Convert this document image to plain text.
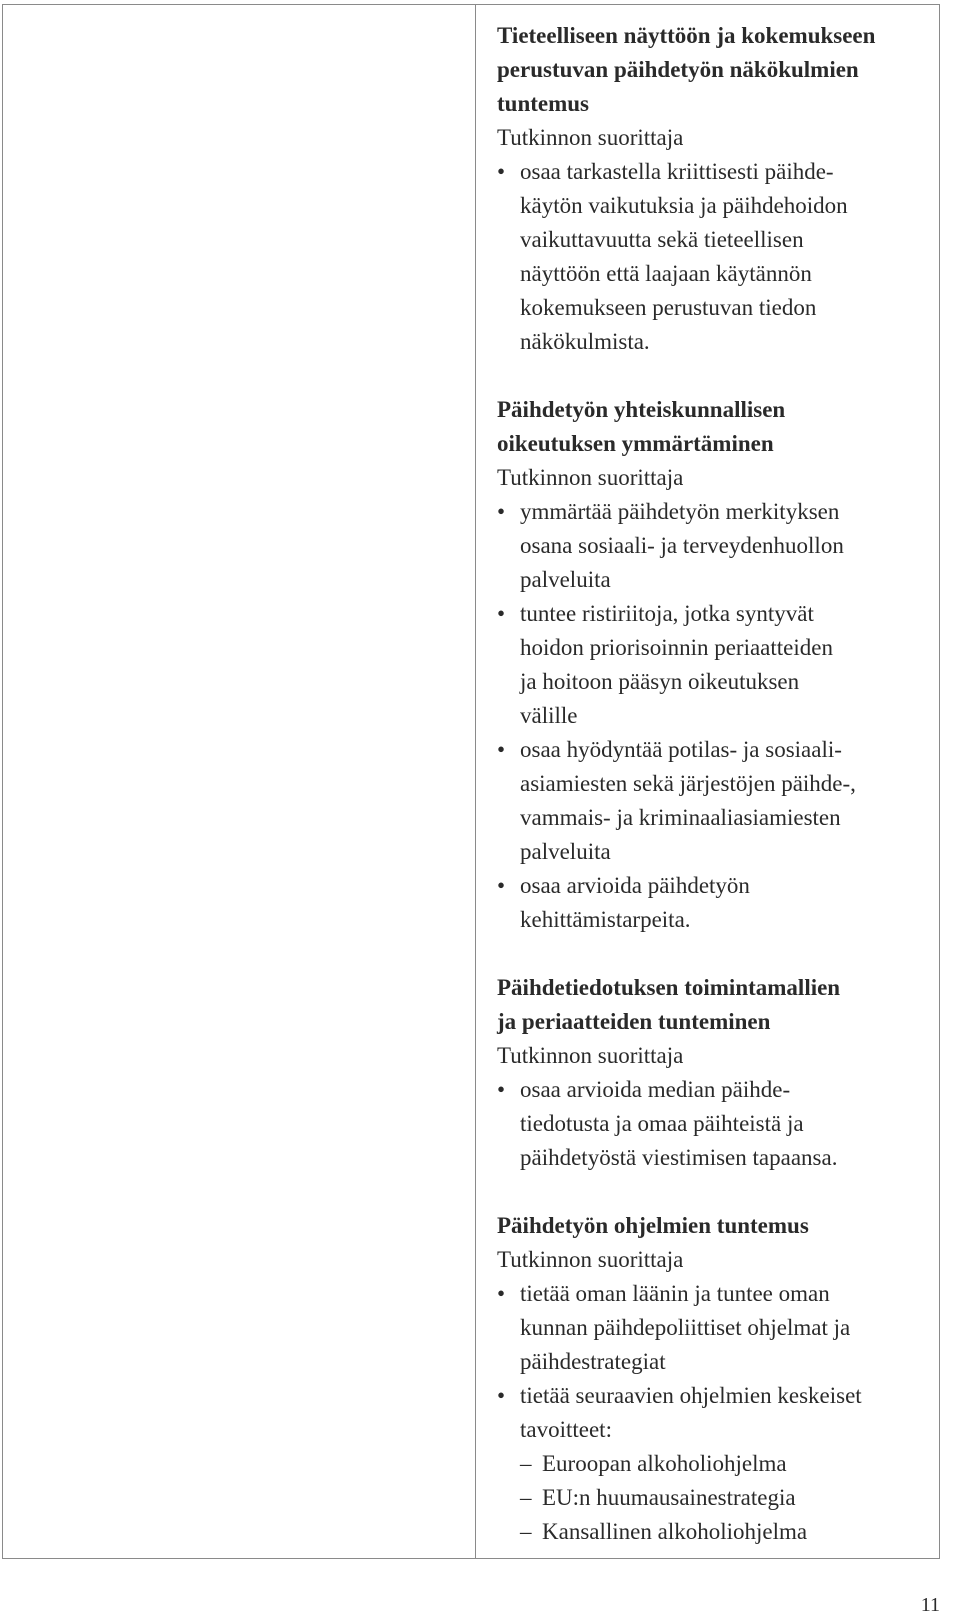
Tieteelliseen näyttöön ja kokemukseen
perustuvan päihdetyön näkökulmien
tuntemus
Tutkinnon suorittaja
• osaa tarkastella kriittisesti päihde-
käytön vaikutuksia ja päihdehoidon
vaikuttavuutta sekä tieteellisen
näyttöön että laajaan käytännön
kokemukseen perustuvan tiedon
näkökulmista.
Päihdetyön yhteiskunnallisen
oikeutuksen ymmärtäminen
Tutkinnon suorittaja
• ymmärtää päihdetyön merkityksen
osana sosiaali- ja terveydenhuollon
palveluita
• tuntee ristiriitoja, jotka syntyvät
hoidon priorisoinnin periaatteiden
ja hoitoon pääsyn oikeutuksen
välille
• osaa hyödyntää potilas- ja sosiaali-
asiamiesten sekä järjestöjen päihde-,
vammais- ja kriminaaliasiamiesten
palveluita
• osaa arvioida päihdetyön
kehittämistarpeita.
Päihdetiedotuksen toimintamallien
ja periaatteiden tunteminen
Tutkinnon suorittaja
• osaa arvioida median päihde-
tiedotusta ja omaa päihteistä ja
päihdetyöstä viestimisen tapaansa.
Päihdetyön ohjelmien tuntemus
Tutkinnon suorittaja
• tietää oman läänin ja tuntee oman
kunnan päihdepoliittiset ohjelmat ja
päihdestrategiat
• tietää seuraavien ohjelmien keskeiset
tavoitteet:
– Euroopan alkoholiohjelma
– EU:n huumausainestrategia
– Kansallinen alkoholiohjelma
11
